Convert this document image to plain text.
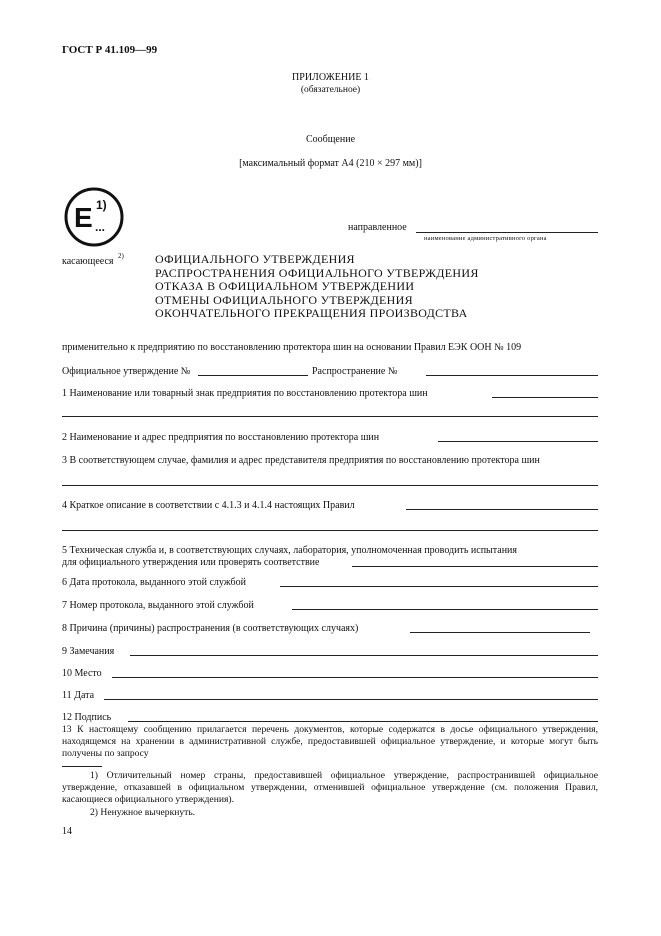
ГОСТ Р 41.109—99
ПРИЛОЖЕНИЕ 1
(обязательное)
Сообщение
[максимальный формат А4 (210 × 297 мм)]
E 1)
...	направленное
наименование административного органа
касающееся 2)	ОФИЦИАЛЬНОГО УТВЕРЖДЕНИЯ
РАСПРОСТРАНЕНИЯ ОФИЦИАЛЬНОГО УТВЕРЖДЕНИЯ
ОТКАЗА В ОФИЦИАЛЬНОМ УТВЕРЖДЕНИИ
ОТМЕНЫ ОФИЦИАЛЬНОГО УТВЕРЖДЕНИЯ
ОКОНЧАТЕЛЬНОГО ПРЕКРАЩЕНИЯ ПРОИЗВОДСТВА
применительно к предприятию по восстановлению протектора шин на основании Правил ЕЭК ООН № 109
Официальное утверждение №	Распространение №
1 Наименование или товарный знак предприятия по восстановлению протектора шин
2 Наименование и адрес предприятия по восстановлению протектора шин
3 В соответствующем случае, фамилия и адрес представителя предприятия по восстановлению протектора шин
4 Краткое описание в соответствии с 4.1.3 и 4.1.4 настоящих Правил
5 Техническая служба и, в соответствующих случаях, лаборатория, уполномоченная проводить испытания
для официального утверждения или проверять соответствие
6 Дата протокола, выданного этой службой
7 Номер протокола, выданного этой службой
8 Причина (причины) распространения (в соответствующих случаях)
9 Замечания
10 Место
11 Дата
12 Подпись
13 К настоящему сообщению прилагается перечень документов, которые содержатся в досье официального утверждения, находящемся на хранении в административной службе, предоставившей официальное утверждение, и которые могут быть получены по запросу
1) Отличительный номер страны, предоставившей официальное утверждение, распространившей официальное утверждение, отказавшей в официальном утверждении, отменившей официальное утверждение (см. положения Правил, касающиеся официального утверждения).
2) Ненужное вычеркнуть.
14
